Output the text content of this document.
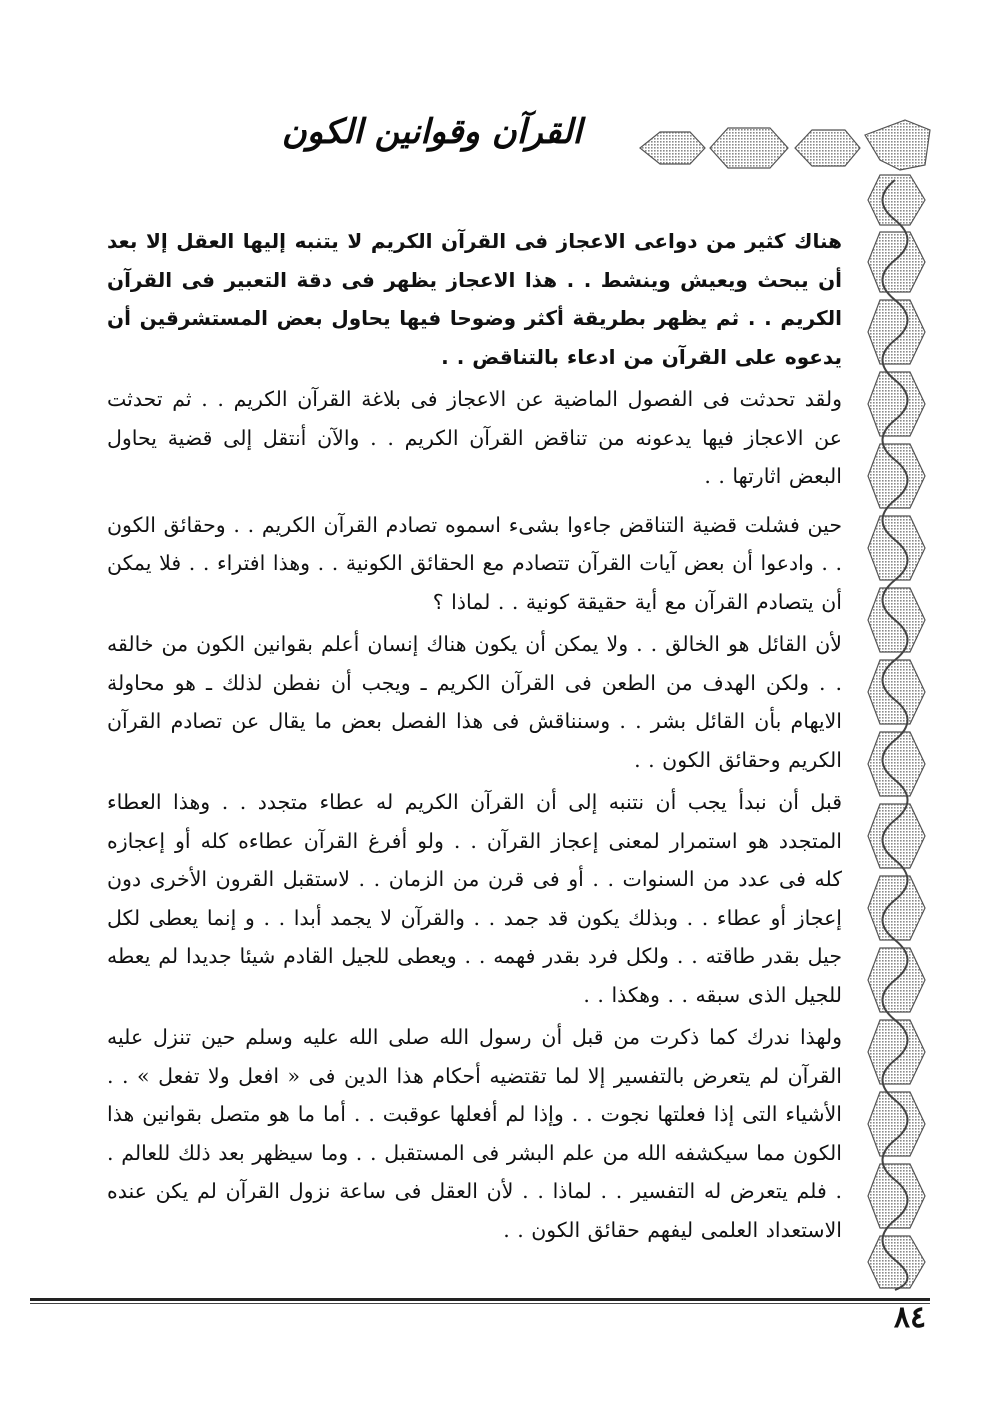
القرآن وقوانين الكون

هناك كثير من دواعى الاعجاز فى القرآن الكريم لا يتنبه إليها العقل إلا بعد أن يبحث ويعيش وينشط . . هذا الاعجاز يظهر فى دقة التعبير فى القرآن الكريم . . ثم يظهر بطريقة أكثر وضوحا فيها يحاول بعض المستشرقين أن يدعوه على القرآن من ادعاء بالتناقض . .

ولقد تحدثت فى الفصول الماضية عن الاعجاز فى بلاغة القرآن الكريم . . ثم تحدثت عن الاعجاز فيها يدعونه من تناقض القرآن الكريم . . والآن أنتقل إلى قضية يحاول البعض اثارتها . .

حين فشلت قضية التناقض جاءوا بشىء اسموه تصادم القرآن الكريم . . وحقائق الكون . . وادعوا أن بعض آيات القرآن تتصادم مع الحقائق الكونية . . وهذا افتراء . . فلا يمكن أن يتصادم القرآن مع أية حقيقة كونية . . لماذا ؟

لأن القائل هو الخالق . . ولا يمكن أن يكون هناك إنسان أعلم بقوانين الكون من خالقه . . ولكن الهدف من الطعن فى القرآن الكريم ـ ويجب أن نفطن لذلك ـ هو محاولة الايهام بأن القائل بشر . . وسنناقش فى هذا الفصل بعض ما يقال عن تصادم القرآن الكريم وحقائق الكون . .

قبل أن نبدأ يجب أن نتنبه إلى أن القرآن الكريم له عطاء متجدد . . وهذا العطاء المتجدد هو استمرار لمعنى إعجاز القرآن . . ولو أفرغ القرآن عطاءه كله أو إعجازه كله فى عدد من السنوات . . أو فى قرن من الزمان . . لاستقبل القرون الأخرى دون إعجاز أو عطاء . . وبذلك يكون قد جمد . . والقرآن لا يجمد أبدا . . و إنما يعطى لكل جيل بقدر طاقته . . ولكل فرد بقدر فهمه . . ويعطى للجيل القادم شيئا جديدا لم يعطه للجيل الذى سبقه . . وهكذا . .

ولهذا ندرك كما ذكرت من قبل أن رسول الله صلى الله عليه وسلم حين تنزل عليه القرآن لم يتعرض بالتفسير إلا لما تقتضيه أحكام هذا الدين فى « افعل ولا تفعل » . . الأشياء التى إذا فعلتها نجوت . . وإذا لم أفعلها عوقبت . . أما ما هو متصل بقوانين هذا الكون مما سيكشفه الله من علم البشر فى المستقبل . . وما سيظهر بعد ذلك للعالم . . فلم يتعرض له التفسير . . لماذا . . لأن العقل فى ساعة نزول القرآن لم يكن عنده الاستعداد العلمى ليفهم حقائق الكون . .

٨٤
